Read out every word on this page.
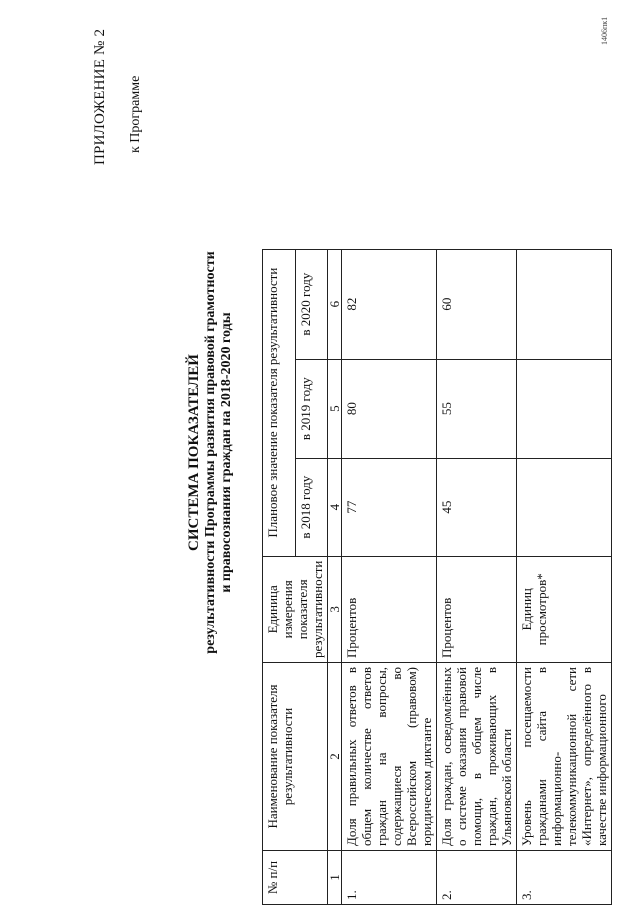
ПРИЛОЖЕНИЕ № 2 к Программе
СИСТЕМА ПОКАЗАТЕЛЕЙ результативности Программы развития правовой грамотности и правосознания граждан на 2018-2020 годы
1406пк1
№ п/п	Наименование показателя результативности	Единица измерения показателя результативности	Плановое значение показателя результативности		
			в 2018 году	в 2019 году	в 2020 году
1	2	3	4	5	6
1.	Доля правильных ответов в общем количестве ответов граждан на вопросы, содержащиеся во Всероссийском (правовом) юридическом диктанте	Процентов	77	80	82
2.	Доля граждан, осведомлённых о системе оказания правовой помощи, в общем числе граждан, проживающих в Ульяновской области	Процентов	45	55	60
3.	Уровень посещаемости гражданами сайта в информационно-телекоммуникационной сети «Интернет», определённого в качестве информационного	Единиц просмотров*			
